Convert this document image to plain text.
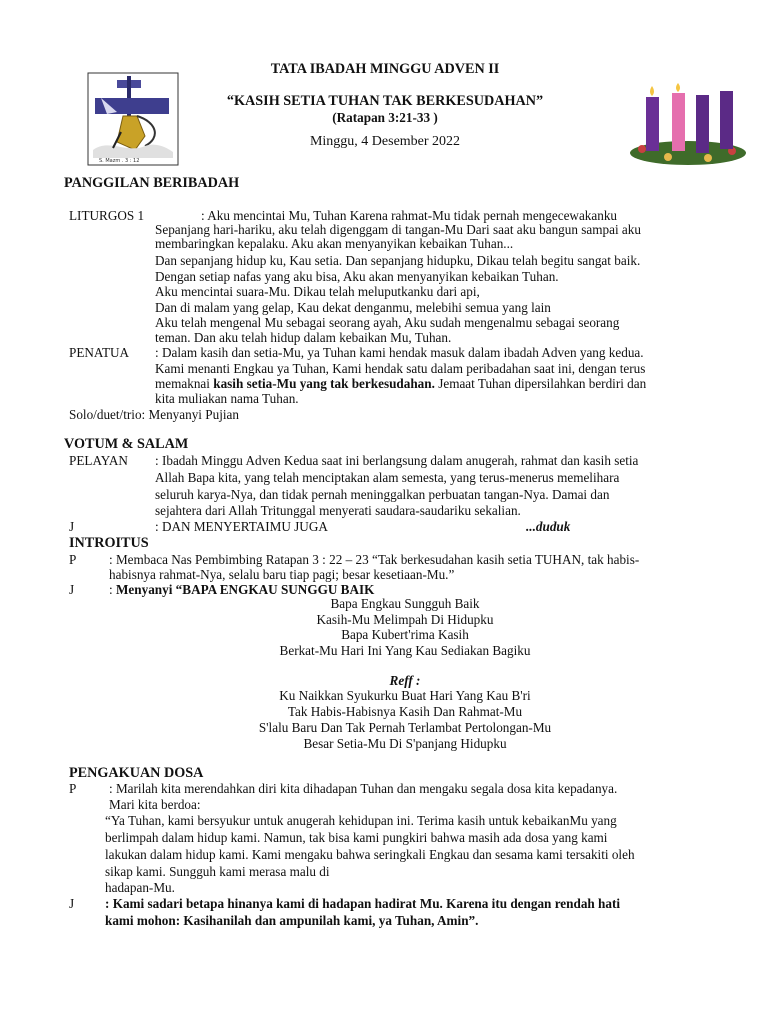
S. Mazm . 3 : 12
TATA IBADAH MINGGU ADVEN II
“KASIH SETIA TUHAN TAK BERKESUDAHAN”
(Ratapan 3:21-33 )
Minggu, 4 Desember 2022
PANGGILAN BERIBADAH
LITURGOS 1	: Aku mencintai Mu, Tuhan Karena rahmat-Mu tidak pernah mengecewakanku
Sepanjang hari-hariku, aku telah digenggam di tangan-Mu Dari saat aku bangun sampai aku
membaringkan kepalaku. Aku akan menyanyikan kebaikan Tuhan...
Dan sepanjang hidup ku, Kau setia. Dan sepanjang hidupku, Dikau telah begitu sangat baik.
Dengan setiap nafas yang aku bisa, Aku akan menyanyikan kebaikan Tuhan.
Aku mencintai suara-Mu. Dikau telah meluputkanku dari api,
Dan di malam yang gelap, Kau dekat denganmu, melebihi semua yang lain
Aku telah mengenal Mu sebagai seorang ayah, Aku sudah mengenalmu sebagai seorang
teman. Dan aku telah hidup dalam kebaikan Mu, Tuhan.
PENATUA : Dalam kasih dan setia-Mu, ya Tuhan kami hendak masuk dalam ibadah Adven yang kedua.
Kami menanti Engkau ya Tuhan, Kami hendak satu dalam peribadahan saat ini, dengan terus
memaknai kasih setia-Mu yang tak berkesudahan. Jemaat Tuhan dipersilahkan berdiri dan
kita muliakan nama Tuhan.
Solo/duet/trio: Menyanyi Pujian
VOTUM & SALAM
PELAYAN : Ibadah Minggu Adven Kedua saat ini berlangsung dalam anugerah, rahmat dan kasih setia
Allah Bapa kita, yang telah menciptakan alam semesta, yang terus-menerus memelihara
seluruh karya-Nya, dan tidak pernah meninggalkan perbuatan tangan-Nya. Damai dan
sejahtera dari Allah Tritunggal menyerati saudara-saudariku sekalian.
J	: DAN MENYERTAIMU JUGA	...duduk
INTROITUS
P : Membaca Nas Pembimbing Ratapan 3 : 22 – 23 “Tak berkesudahan kasih setia TUHAN, tak habis-
habisnya rahmat-Nya, selalu baru tiap pagi; besar kesetiaan-Mu.”
J	: Menyanyi “BAPA ENGKAU SUNGGU BAIK
Bapa Engkau Sungguh Baik
Kasih-Mu Melimpah Di Hidupku
Bapa Kubert'rima Kasih
Berkat-Mu Hari Ini Yang Kau Sediakan Bagiku
Reff :
Ku Naikkan Syukurku Buat Hari Yang Kau B'ri
Tak Habis-Habisnya Kasih Dan Rahmat-Mu
S'lalu Baru Dan Tak Pernah Terlambat Pertolongan-Mu
Besar Setia-Mu Di S'panjang Hidupku
PENGAKUAN DOSA
P : Marilah kita merendahkan diri kita dihadapan Tuhan dan mengaku segala dosa kita kepadanya.
Mari kita berdoa:
“Ya Tuhan, kami bersyukur untuk anugerah kehidupan ini. Terima kasih untuk kebaikanMu yang
berlimpah dalam hidup kami. Namun, tak bisa kami pungkiri bahwa masih ada dosa yang kami
lakukan dalam hidup kami. Kami mengaku bahwa seringkali Engkau dan sesama kami tersakiti oleh
sikap kami. Sungguh kami merasa malu di
hadapan-Mu.
J : Kami sadari betapa hinanya kami di hadapan hadirat Mu. Karena itu dengan rendah hati
kami mohon: Kasihanilah dan ampunilah kami, ya Tuhan, Amin”.
